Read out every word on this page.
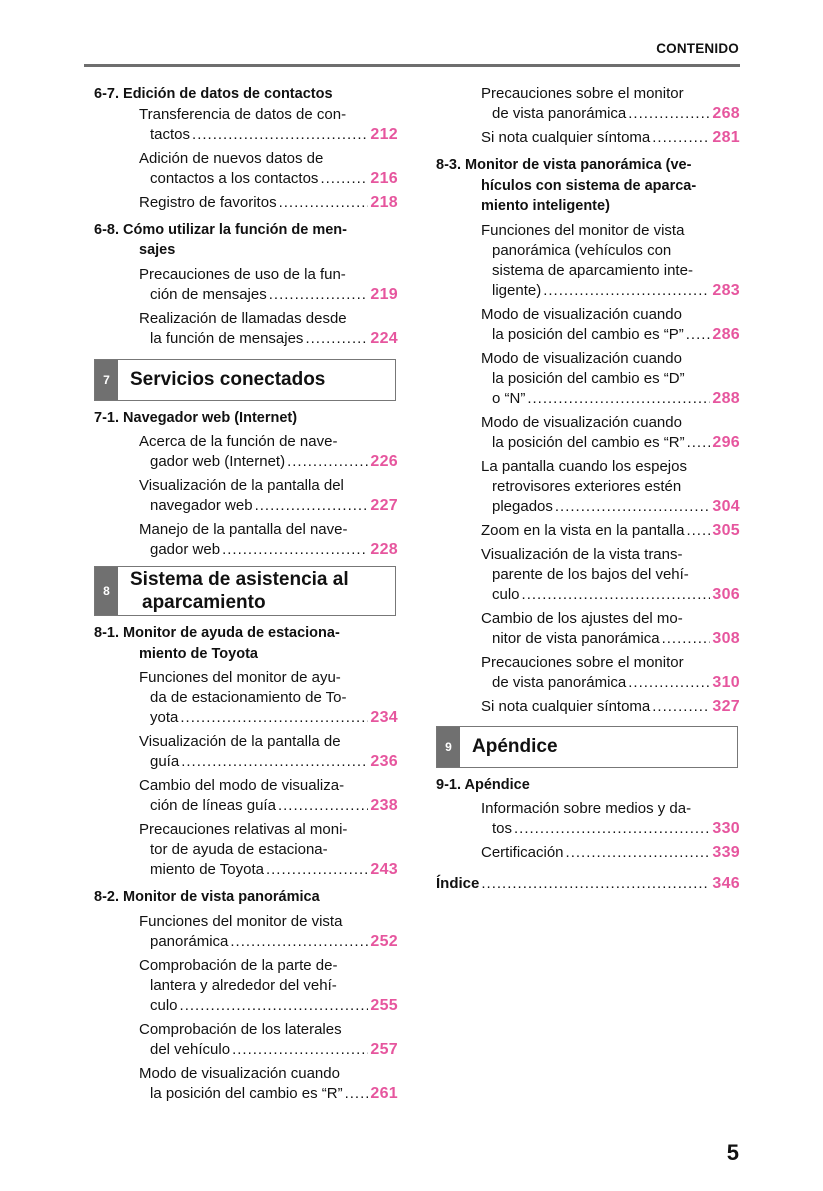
CONTENIDO
6-7. Edición de datos de contactos
Transferencia de datos de con-
tactos .....	212
Adición de nuevos datos de
contactos a los contactos .....	216
Registro de favoritos .....	218
6-8. Cómo utilizar la función de men-
sajes
Precauciones de uso de la fun-
ción de mensajes .....	219
Realización de llamadas desde
la función de mensajes .....	224
7	Servicios conectados
7-1. Navegador web (Internet)
Acerca de la función de nave-
gador web (Internet) .....	226
Visualización de la pantalla del
navegador web .....	227
Manejo de la pantalla del nave-
gador web .....	228
8
Sistema de asistencia al
aparcamiento
8-1. Monitor de ayuda de estaciona-
miento de Toyota
Funciones del monitor de ayu-
da de estacionamiento de To-
yota .....	234
Visualización de la pantalla de
guía .....	236
Cambio del modo de visualiza-
ción de líneas guía .....	238
Precauciones relativas al moni-
tor de ayuda de estaciona-
miento de Toyota .....	243
8-2. Monitor de vista panorámica
Funciones del monitor de vista
panorámica .....	252
Comprobación de la parte de-
lantera y alrededor del vehí-
culo .....	255
Comprobación de los laterales
del vehículo .....	257
Modo de visualización cuando
la posición del cambio es “R” ..... 261
Precauciones sobre el monitor
de vista panorámica .....	268
Si nota cualquier síntoma .....	281
8-3. Monitor de vista panorámica (ve-
hículos con sistema de aparca-
miento inteligente)
Funciones del monitor de vista
panorámica (vehículos con
sistema de aparcamiento inte-
ligente) .....	283
Modo de visualización cuando
la posición del cambio es “P” ..... 286
Modo de visualización cuando
la posición del cambio es “D”
o “N” .....	288
Modo de visualización cuando
la posición del cambio es “R” ..... 296
La pantalla cuando los espejos
retrovisores exteriores estén
plegados .....	304
Zoom en la vista en la pantalla ..... 305
Visualización de la vista trans-
parente de los bajos del vehí-
culo .....	306
Cambio de los ajustes del mo-
nitor de vista panorámica .....	308
Precauciones sobre el monitor
de vista panorámica .....	310
Si nota cualquier síntoma .....	327
9	Apéndice
9-1. Apéndice
Información sobre medios y da-
tos .....	330
Certificación .....	339
Índice .....	346
5
